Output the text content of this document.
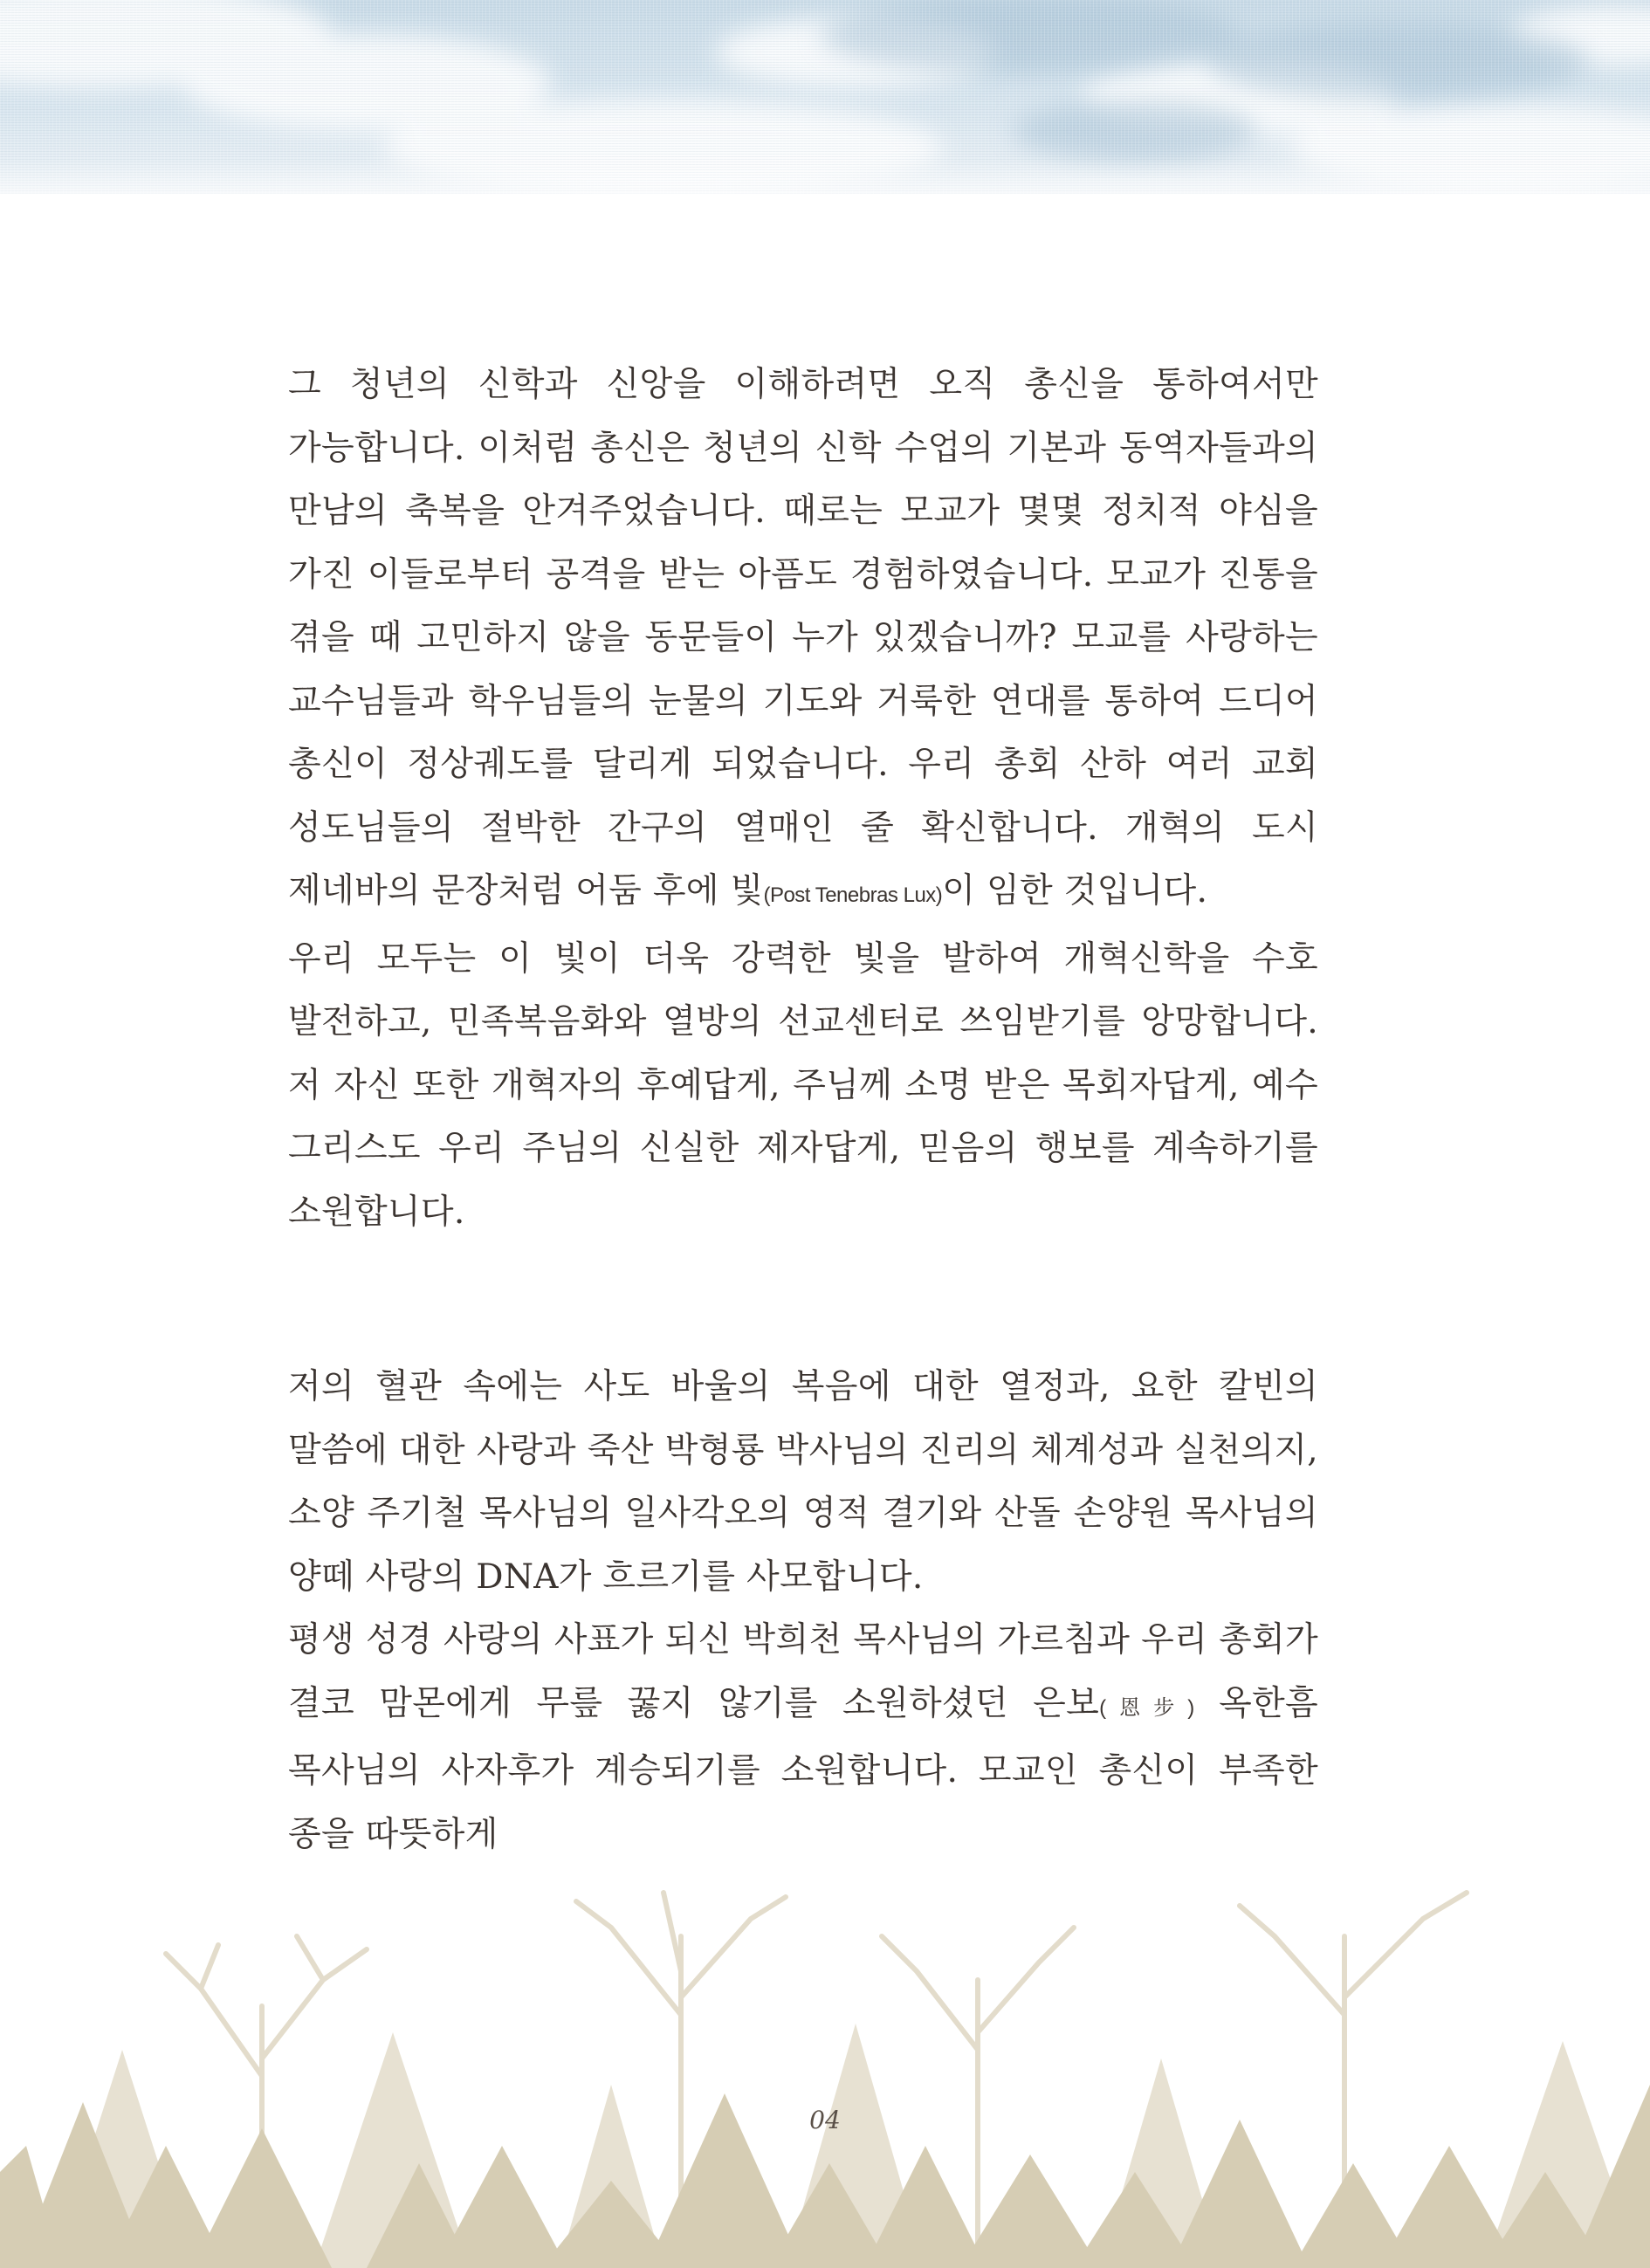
그 청년의 신학과 신앙을 이해하려면 오직 총신을 통하여서만 가능합니다. 이처럼 총신은 청년의 신학 수업의 기본과 동역자들과의 만남의 축복을 안겨주었습니다. 때로는 모교가 몇몇 정치적 야심을 가진 이들로부터 공격을 받는 아픔도 경험하였습니다. 모교가 진통을 겪을 때 고민하지 않을 동문들이 누가 있겠습니까? 모교를 사랑하는 교수님들과 학우님들의 눈물의 기도와 거룩한 연대를 통하여 드디어 총신이 정상궤도를 달리게 되었습니다. 우리 총회 산하 여러 교회 성도님들의 절박한 간구의 열매인 줄 확신합니다. 개혁의 도시 제네바의 문장처럼 어둠 후에 빛(Post Tenebras Lux)이 임한 것입니다.

우리 모두는 이 빛이 더욱 강력한 빛을 발하여 개혁신학을 수호 발전하고, 민족복음화와 열방의 선교센터로 쓰임받기를 앙망합니다. 저 자신 또한 개혁자의 후예답게, 주님께 소명 받은 목회자답게, 예수 그리스도 우리 주님의 신실한 제자답게, 믿음의 행보를 계속하기를 소원합니다.

저의 혈관 속에는 사도 바울의 복음에 대한 열정과, 요한 칼빈의 말씀에 대한 사랑과 죽산 박형룡 박사님의 진리의 체계성과 실천의지, 소양 주기철 목사님의 일사각오의 영적 결기와 산돌 손양원 목사님의 양떼 사랑의 DNA가 흐르기를 사모합니다.

평생 성경 사랑의 사표가 되신 박희천 목사님의 가르침과 우리 총회가 결코 맘몬에게 무릎 꿇지 않기를 소원하셨던 은보(恩步) 옥한흠 목사님의 사자후가 계승되기를 소원합니다. 모교인 총신이 부족한 종을 따뜻하게

04
